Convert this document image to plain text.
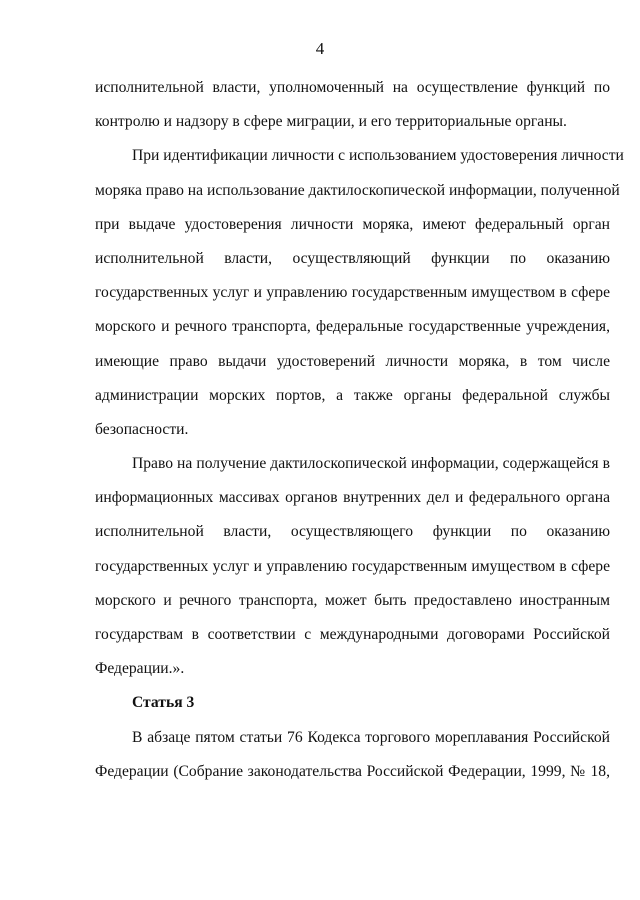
4
исполнительной власти, уполномоченный на осуществление функций по
контролю и надзору в сфере миграции, и его территориальные органы.
При идентификации личности с использованием удостоверения личности
моряка право на использование дактилоскопической информации, полученной
при выдаче удостоверения личности моряка, имеют федеральный орган
исполнительной власти, осуществляющий функции по оказанию
государственных услуг и управлению государственным имуществом в сфере
морского и речного транспорта, федеральные государственные учреждения,
имеющие право выдачи удостоверений личности моряка, в том числе
администрации морских портов, а также органы федеральной службы
безопасности.
Право на получение дактилоскопической информации, содержащейся в
информационных массивах органов внутренних дел и федерального органа
исполнительной власти, осуществляющего функции по оказанию
государственных услуг и управлению государственным имуществом в сфере
морского и речного транспорта, может быть предоставлено иностранным
государствам в соответствии с международными договорами Российской
Федерации.».
Статья 3
В абзаце пятом статьи 76 Кодекса торгового мореплавания Российской
Федерации (Собрание законодательства Российской Федерации, 1999, № 18,
